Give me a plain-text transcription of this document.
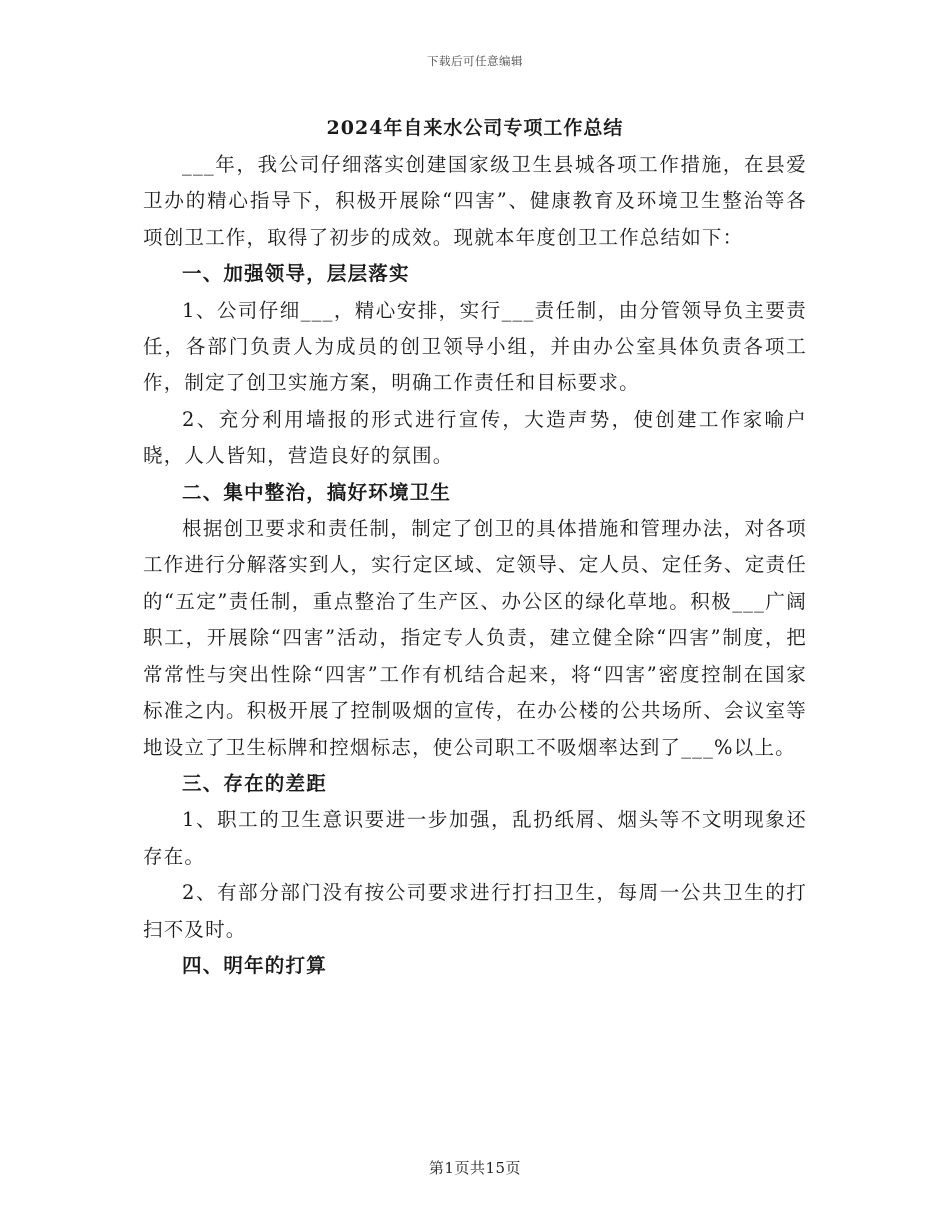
下载后可任意编辑
2024年自来水公司专项工作总结

___年，我公司仔细落实创建国家级卫生县城各项工作措施，在县爱卫办的精心指导下，积极开展除“四害”、健康教育及环境卫生整治等各项创卫工作，取得了初步的成效。现就本年度创卫工作总结如下：

一、加强领导，层层落实

1、公司仔细___，精心安排，实行___责任制，由分管领导负主要责任，各部门负责人为成员的创卫领导小组，并由办公室具体负责各项工作，制定了创卫实施方案，明确工作责任和目标要求。

2、充分利用墙报的形式进行宣传，大造声势，使创建工作家喻户晓，人人皆知，营造良好的氛围。

二、集中整治，搞好环境卫生

根据创卫要求和责任制，制定了创卫的具体措施和管理办法，对各项工作进行分解落实到人，实行定区域、定领导、定人员、定任务、定责任的“五定”责任制，重点整治了生产区、办公区的绿化草地。积极___广阔职工，开展除“四害”活动，指定专人负责，建立健全除“四害”制度，把常常性与突出性除“四害”工作有机结合起来，将“四害”密度控制在国家标准之内。积极开展了控制吸烟的宣传，在办公楼的公共场所、会议室等地设立了卫生标牌和控烟标志，使公司职工不吸烟率达到了___%以上。

三、存在的差距

1、职工的卫生意识要进一步加强，乱扔纸屑、烟头等不文明现象还存在。

2、有部分部门没有按公司要求进行打扫卫生，每周一公共卫生的打扫不及时。

四、明年的打算

第1页共15页
